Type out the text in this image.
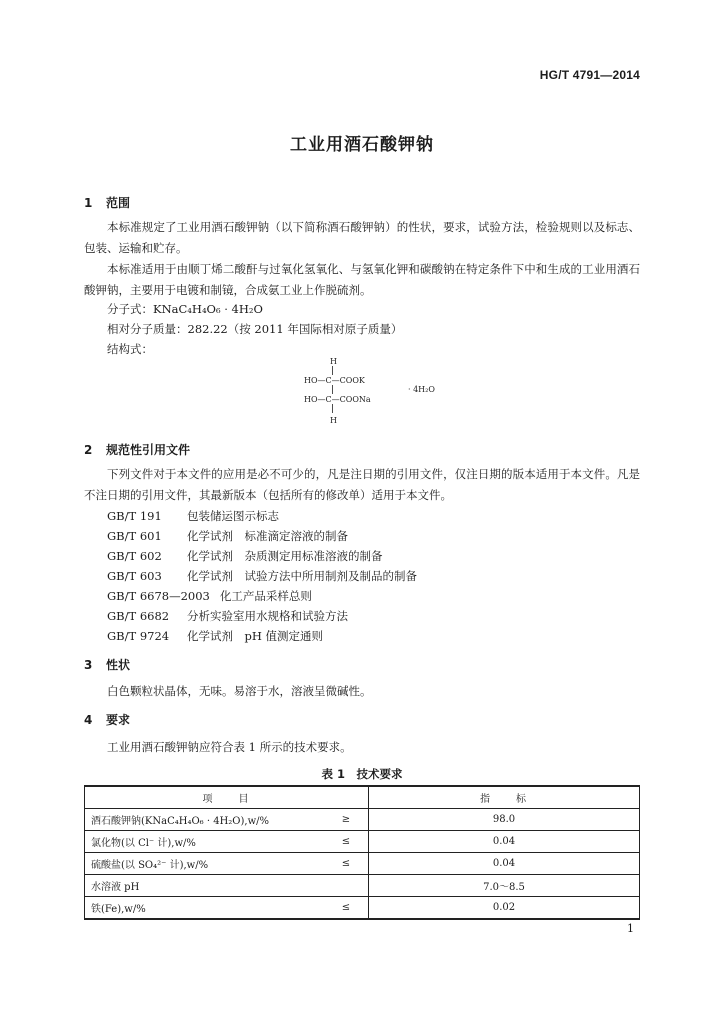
HG/T 4791—2014
工业用酒石酸钾钠
1 范围
本标准规定了工业用酒石酸钾钠（以下简称酒石酸钾钠）的性状，要求，试验方法，检验规则以及标志、包装、运输和贮存。
本标准适用于由顺丁烯二酸酐与过氧化氢氧化、与氢氧化钾和碳酸钠在特定条件下中和生成的工业用酒石酸钾钠，主要用于电镀和制镜，合成氨工业上作脱硫剂。
分子式：KNaC₄H₄O₆ · 4H₂O
相对分子质量：282.22（按 2011 年国际相对原子质量）
结构式：
H
HO—C—COOK
· 4H₂O
HO—C—COONa
H
2 规范性引用文件
下列文件对于本文件的应用是必不可少的，凡是注日期的引用文件，仅注日期的版本适用于本文件。凡是不注日期的引用文件，其最新版本（包括所有的修改单）适用于本文件。
GB/T 191 包装储运图示标志
GB/T 601 化学试剂　标准滴定溶液的制备
GB/T 602 化学试剂　杂质测定用标准溶液的制备
GB/T 603 化学试剂　试验方法中所用制剂及制品的制备
GB/T 6678—2003 化工产品采样总则
GB/T 6682 分析实验室用水规格和试验方法
GB/T 9724 化学试剂　pH 值测定通则
3 性状
白色颗粒状晶体，无味。易溶于水，溶液呈微碱性。
4 要求
工业用酒石酸钾钠应符合表 1 所示的技术要求。
表 1　技术要求
项　　目		指　　标
酒石酸钾钠(KNaC₄H₄O₆ · 4H₂O),w/%	≥	98.0
氯化物(以 Cl⁻ 计),w/%	≤	0.04
硫酸盐(以 SO₄²⁻ 计),w/%	≤	0.04
水溶液 pH		7.0～8.5
铁(Fe),w/%	≤	0.02
1
